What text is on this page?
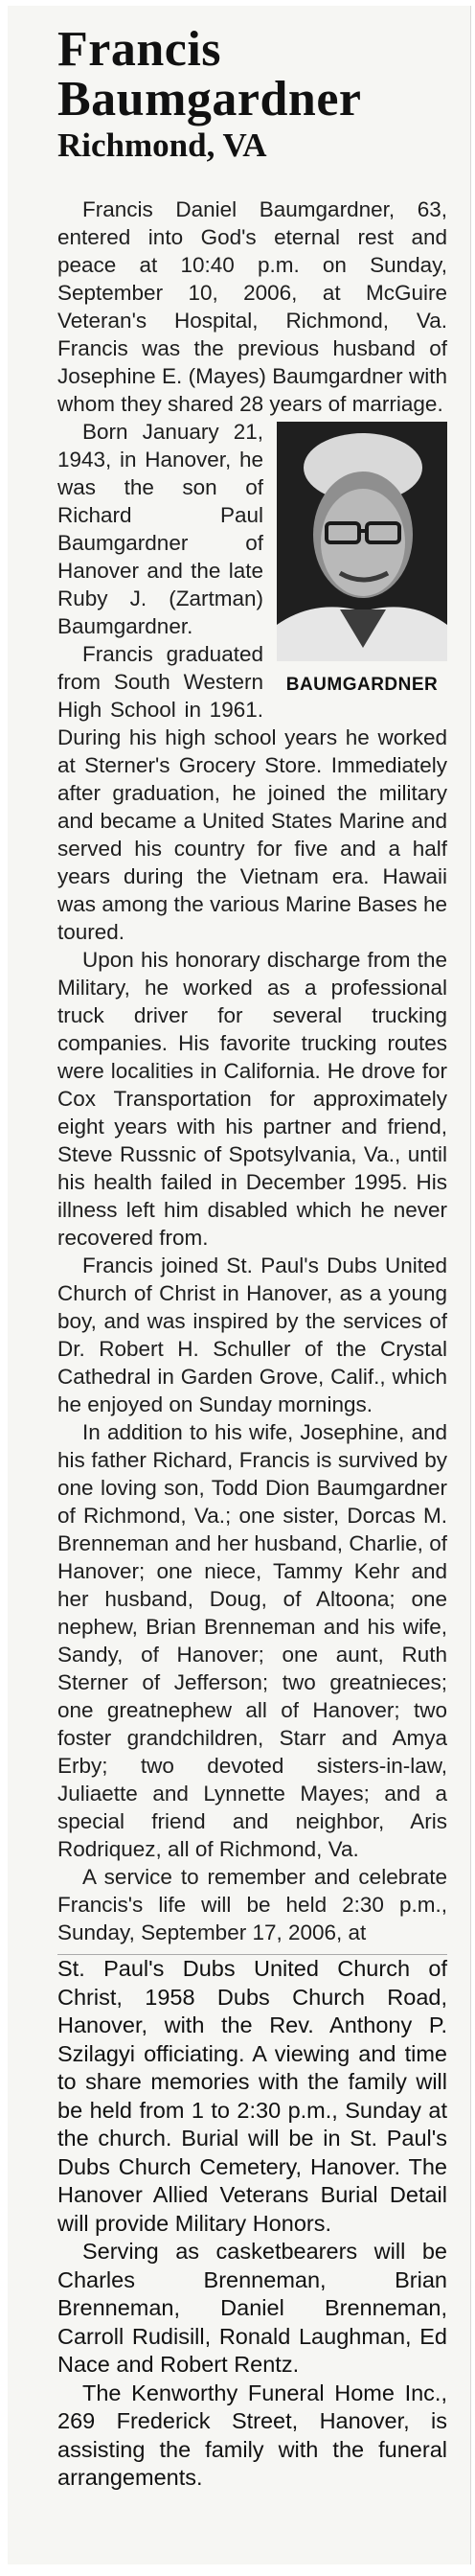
Francis
Baumgardner
Richmond, VA

Francis Daniel Baumgardner, 63, entered into God's eternal rest and peace at 10:40 p.m. on Sunday, September 10, 2006, at McGuire Veteran's Hospital, Richmond, Va. Francis was the previous husband of Josephine E. (Mayes) Baumgardner with whom they shared 28 years of marriage.

BAUMGARDNER

Born January 21, 1943, in Hanover, he was the son of Richard Paul Baumgardner of Hanover and the late Ruby J. (Zartman) Baumgardner.

Francis graduated from South Western High School in 1961. During his high school years he worked at Sterner's Grocery Store. Immediately after graduation, he joined the military and became a United States Marine and served his country for five and a half years during the Vietnam era. Hawaii was among the various Marine Bases he toured.

Upon his honorary discharge from the Military, he worked as a professional truck driver for several trucking companies. His favorite trucking routes were localities in California. He drove for Cox Transportation for approximately eight years with his partner and friend, Steve Russnic of Spotsylvania, Va., until his health failed in December 1995. His illness left him disabled which he never recovered from.

Francis joined St. Paul's Dubs United Church of Christ in Hanover, as a young boy, and was inspired by the services of Dr. Robert H. Schuller of the Crystal Cathedral in Garden Grove, Calif., which he enjoyed on Sunday mornings.

In addition to his wife, Josephine, and his father Richard, Francis is survived by one loving son, Todd Dion Baumgardner of Richmond, Va.; one sister, Dorcas M. Brenneman and her husband, Charlie, of Hanover; one niece, Tammy Kehr and her husband, Doug, of Altoona; one nephew, Brian Brenneman and his wife, Sandy, of Hanover; one aunt, Ruth Sterner of Jefferson; two greatnieces; one greatnephew all of Hanover; two foster grandchildren, Starr and Amya Erby; two devoted sisters-in-law, Juliaette and Lynnette Mayes; and a special friend and neighbor, Aris Rodriquez, all of Richmond, Va.

A service to remember and celebrate Francis's life will be held 2:30 p.m., Sunday, September 17, 2006, at

St. Paul's Dubs United Church of Christ, 1958 Dubs Church Road, Hanover, with the Rev. Anthony P. Szilagyi officiating. A viewing and time to share memories with the family will be held from 1 to 2:30 p.m., Sunday at the church. Burial will be in St. Paul's Dubs Church Cemetery, Hanover. The Hanover Allied Veterans Burial Detail will provide Military Honors.

Serving as casketbearers will be Charles Brenneman, Brian Brenneman, Daniel Brenneman, Carroll Rudisill, Ronald Laughman, Ed Nace and Robert Rentz.

The Kenworthy Funeral Home Inc., 269 Frederick Street, Hanover, is assisting the family with the funeral arrangements.
